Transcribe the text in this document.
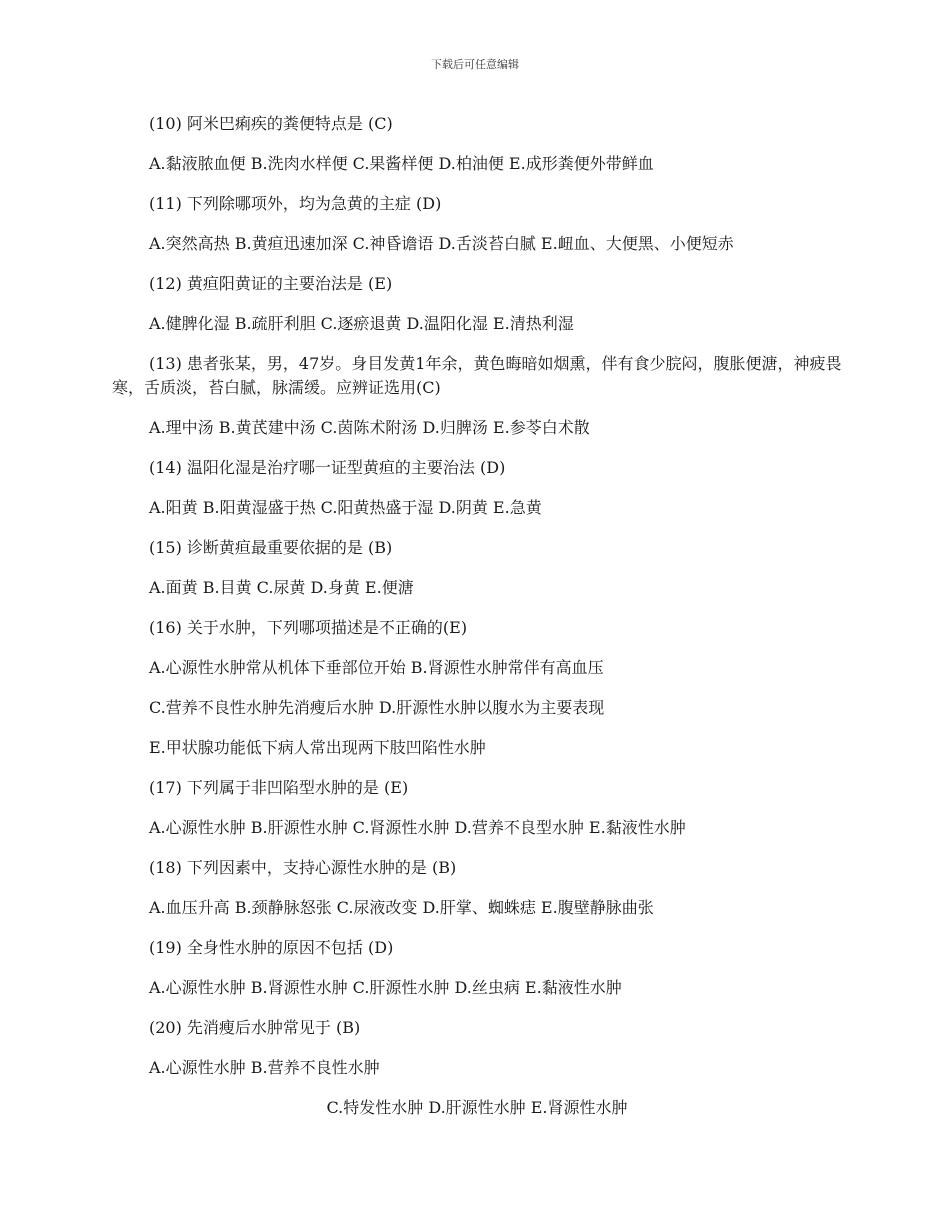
下载后可任意编辑
(10) 阿米巴痢疾的粪便特点是 (C)
A.黏液脓血便 B.洗肉水样便 C.果酱样便 D.柏油便 E.成形粪便外带鲜血
(11) 下列除哪项外，均为急黄的主症 (D)
A.突然高热 B.黄疸迅速加深 C.神昏谵语 D.舌淡苔白腻 E.衄血、大便黑、小便短赤
(12) 黄疸阳黄证的主要治法是 (E)
A.健脾化湿 B.疏肝利胆 C.逐瘀退黄 D.温阳化湿 E.清热利湿
(13) 患者张某，男，47岁。身目发黄1年余，黄色晦暗如烟熏，伴有食少脘闷，腹胀便溏，神疲畏寒，舌质淡，苔白腻，脉濡缓。应辨证选用(C)
A.理中汤 B.黄芪建中汤 C.茵陈术附汤 D.归脾汤 E.参苓白术散
(14) 温阳化湿是治疗哪一证型黄疸的主要治法 (D)
A.阳黄 B.阳黄湿盛于热 C.阳黄热盛于湿 D.阴黄 E.急黄
(15) 诊断黄疸最重要依据的是 (B)
A.面黄 B.目黄 C.尿黄 D.身黄 E.便溏
(16) 关于水肿，下列哪项描述是不正确的(E)
A.心源性水肿常从机体下垂部位开始 B.肾源性水肿常伴有高血压
C.营养不良性水肿先消瘦后水肿 D.肝源性水肿以腹水为主要表现
E.甲状腺功能低下病人常出现两下肢凹陷性水肿
(17) 下列属于非凹陷型水肿的是 (E)
A.心源性水肿 B.肝源性水肿 C.肾源性水肿 D.营养不良型水肿 E.黏液性水肿
(18) 下列因素中，支持心源性水肿的是 (B)
A.血压升高 B.颈静脉怒张 C.尿液改变 D.肝掌、蜘蛛痣 E.腹壁静脉曲张
(19) 全身性水肿的原因不包括 (D)
A.心源性水肿 B.肾源性水肿 C.肝源性水肿 D.丝虫病 E.黏液性水肿
(20) 先消瘦后水肿常见于 (B)
A.心源性水肿 B.营养不良性水肿
C.特发性水肿 D.肝源性水肿 E.肾源性水肿
